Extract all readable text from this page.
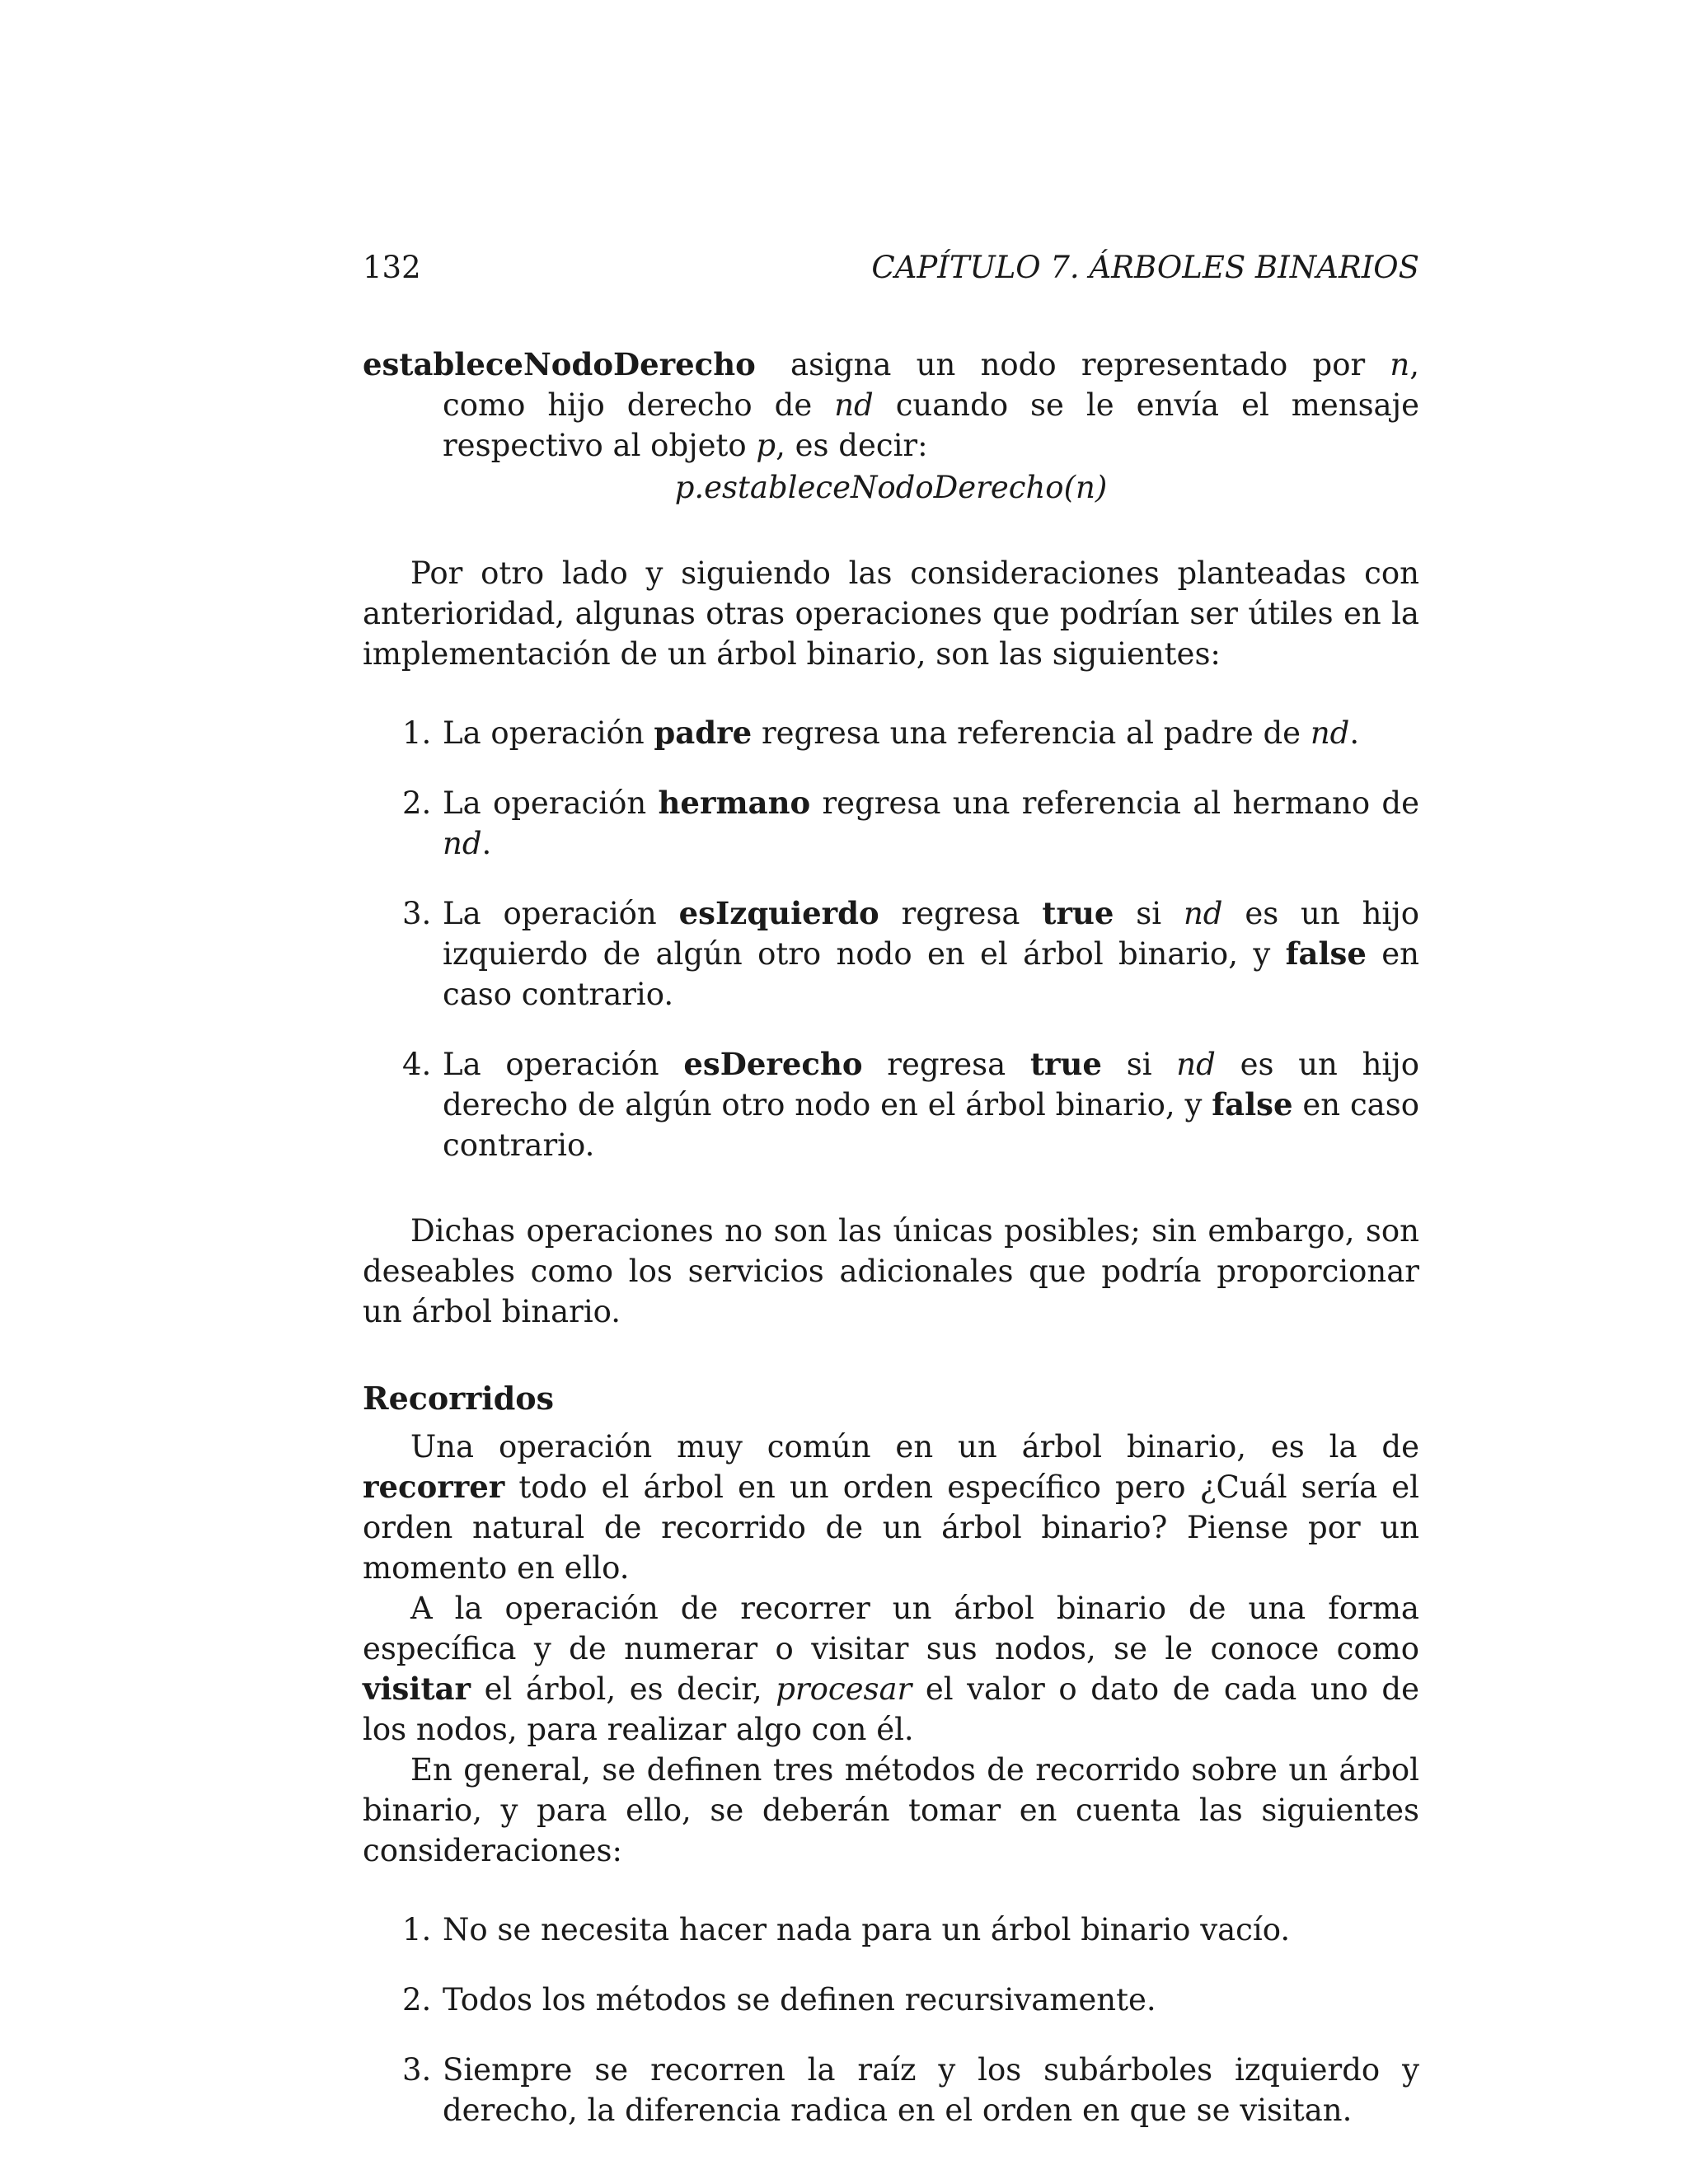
132	CAPÍTULO 7. ÁRBOLES BINARIOS
estableceNodoDerecho asigna un nodo representado por n, como hijo derecho de nd cuando se le envía el mensaje respectivo al objeto p, es decir:
p.estableceNodoDerecho(n)

Por otro lado y siguiendo las consideraciones planteadas con anterioridad, algunas otras operaciones que podrían ser útiles en la implementación de un árbol binario, son las siguientes:

1. La operación padre regresa una referencia al padre de nd.
2. La operación hermano regresa una referencia al hermano de nd.
3. La operación esIzquierdo regresa true si nd es un hijo izquierdo de algún otro nodo en el árbol binario, y false en caso contrario.
4. La operación esDerecho regresa true si nd es un hijo derecho de algún otro nodo en el árbol binario, y false en caso contrario.

Dichas operaciones no son las únicas posibles; sin embargo, son deseables como los servicios adicionales que podría proporcionar un árbol binario.

Recorridos

Una operación muy común en un árbol binario, es la de recorrer todo el árbol en un orden específico pero ¿Cuál sería el orden natural de recorrido de un árbol binario? Piense por un momento en ello.

A la operación de recorrer un árbol binario de una forma específica y de numerar o visitar sus nodos, se le conoce como visitar el árbol, es decir, procesar el valor o dato de cada uno de los nodos, para realizar algo con él.

En general, se definen tres métodos de recorrido sobre un árbol binario, y para ello, se deberán tomar en cuenta las siguientes consideraciones:

1. No se necesita hacer nada para un árbol binario vacío.
2. Todos los métodos se definen recursivamente.
3. Siempre se recorren la raíz y los subárboles izquierdo y derecho, la diferencia radica en el orden en que se visitan.
